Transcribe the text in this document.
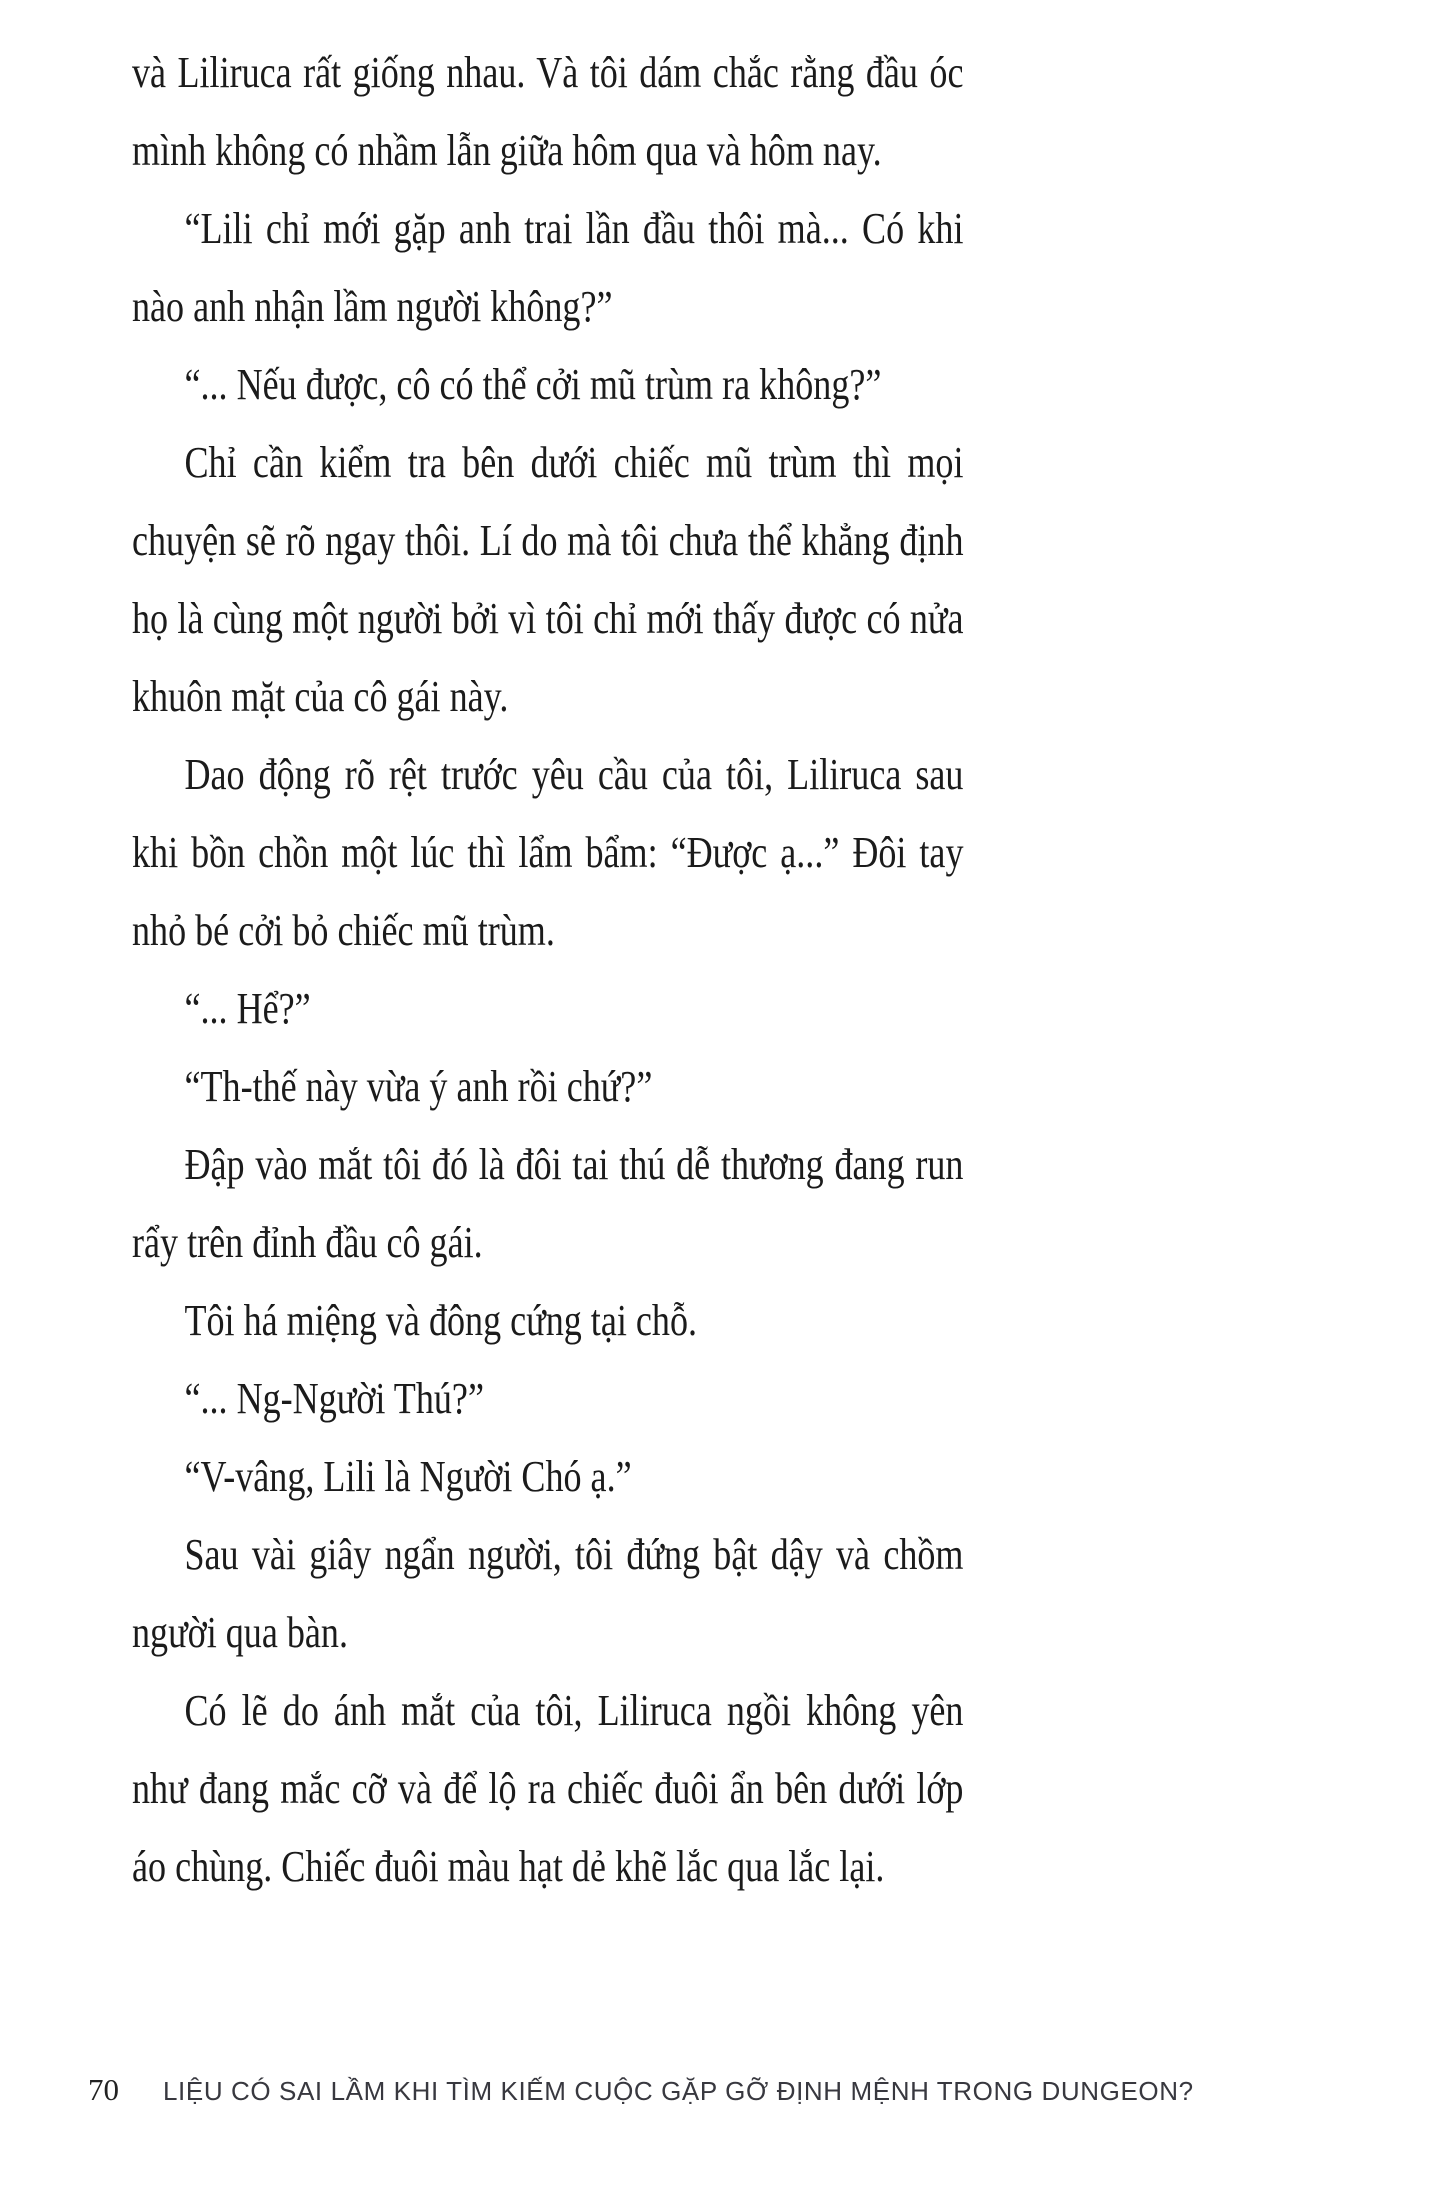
và Liliruca rất giống nhau. Và tôi dám chắc rằng đầu óc mình không có nhầm lẫn giữa hôm qua và hôm nay.

“Lili chỉ mới gặp anh trai lần đầu thôi mà... Có khi nào anh nhận lầm người không?”

“... Nếu được, cô có thể cởi mũ trùm ra không?”

Chỉ cần kiểm tra bên dưới chiếc mũ trùm thì mọi chuyện sẽ rõ ngay thôi. Lí do mà tôi chưa thể khẳng định họ là cùng một người bởi vì tôi chỉ mới thấy được có nửa khuôn mặt của cô gái này.

Dao động rõ rệt trước yêu cầu của tôi, Liliruca sau khi bồn chồn một lúc thì lẩm bẩm: “Được ạ...” Đôi tay nhỏ bé cởi bỏ chiếc mũ trùm.

“... Hể?”

“Th-thế này vừa ý anh rồi chứ?”

Đập vào mắt tôi đó là đôi tai thú dễ thương đang run rẩy trên đỉnh đầu cô gái.

Tôi há miệng và đông cứng tại chỗ.

“... Ng-Người Thú?”

“V-vâng, Lili là Người Chó ạ.”

Sau vài giây ngẩn người, tôi đứng bật dậy và chồm người qua bàn.

Có lẽ do ánh mắt của tôi, Liliruca ngồi không yên như đang mắc cỡ và để lộ ra chiếc đuôi ẩn bên dưới lớp áo chùng. Chiếc đuôi màu hạt dẻ khẽ lắc qua lắc lại.

70 LIỆU CÓ SAI LẦM KHI TÌM KIẾM CUỘC GẶP GỠ ĐỊNH MỆNH TRONG DUNGEON?
